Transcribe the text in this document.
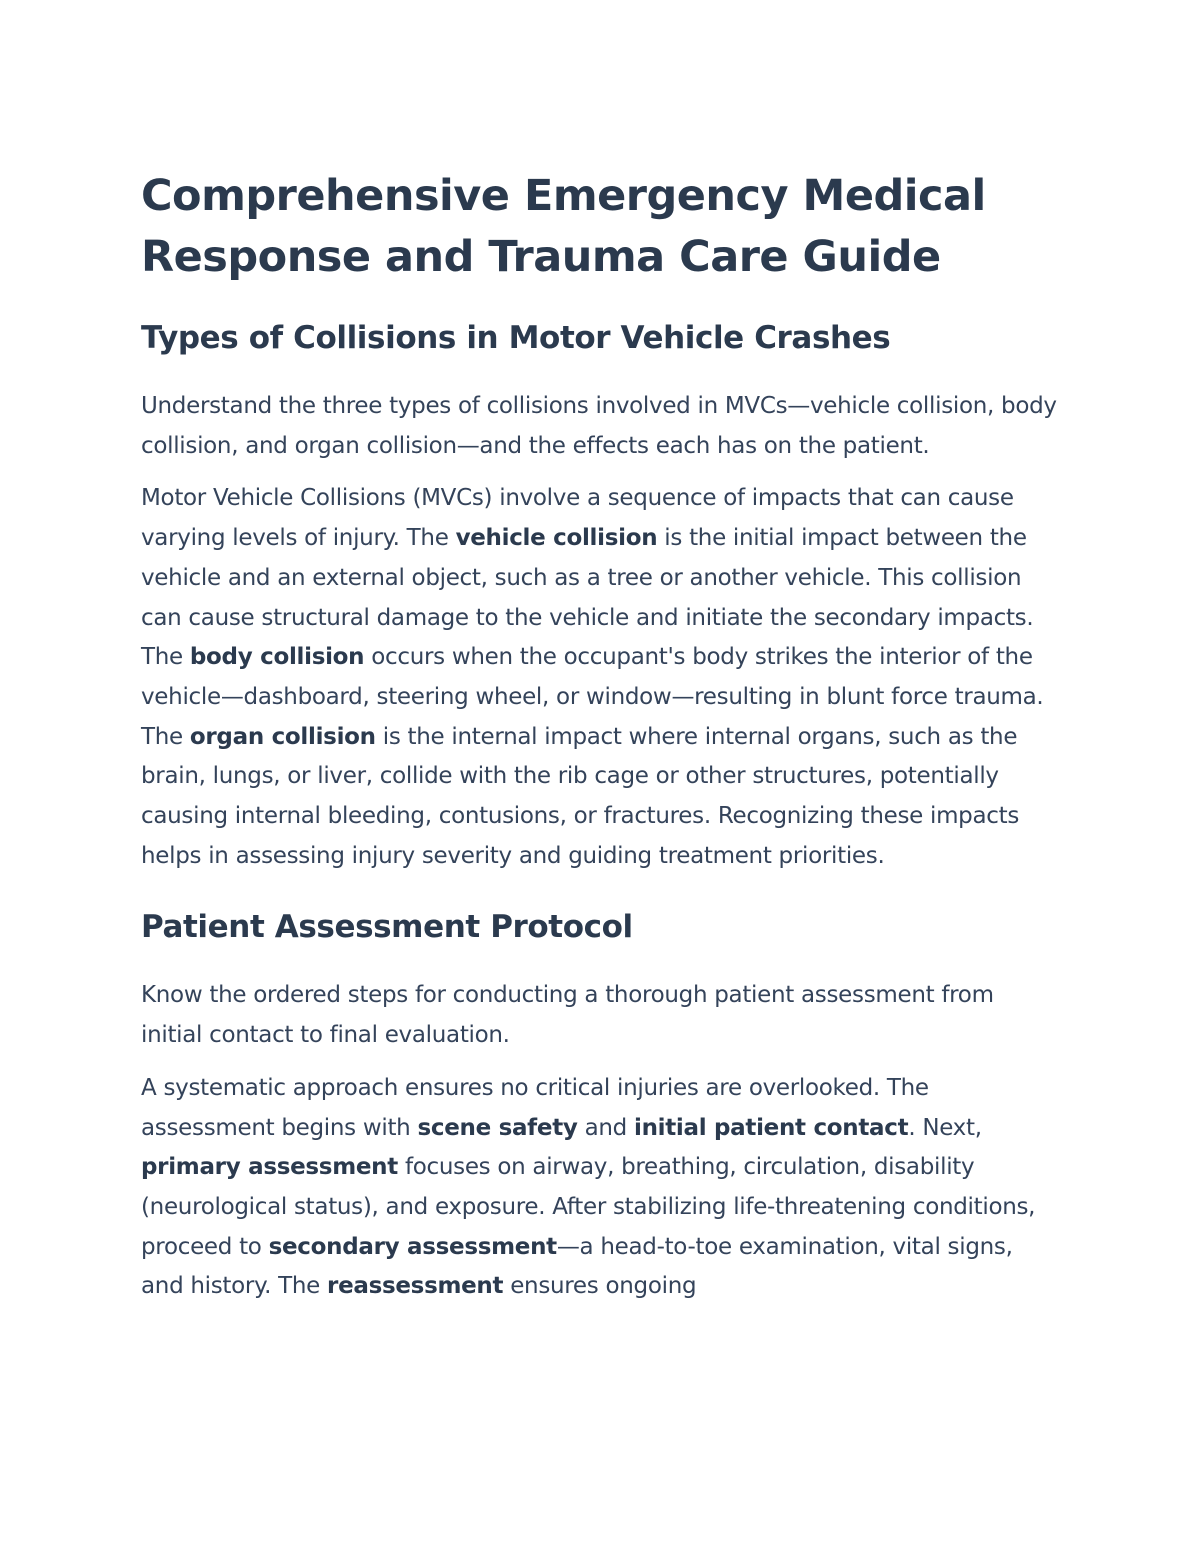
Comprehensive Emergency Medical Response and Trauma Care Guide
Types of Collisions in Motor Vehicle Crashes

Understand the three types of collisions involved in MVCs—vehicle collision, body collision, and organ collision—and the effects each has on the patient.

Motor Vehicle Collisions (MVCs) involve a sequence of impacts that can cause varying levels of injury. The vehicle collision is the initial impact between the vehicle and an external object, such as a tree or another vehicle. This collision can cause structural damage to the vehicle and initiate the secondary impacts. The body collision occurs when the occupant's body strikes the interior of the vehicle—dashboard, steering wheel, or window—resulting in blunt force trauma. The organ collision is the internal impact where internal organs, such as the brain, lungs, or liver, collide with the rib cage or other structures, potentially causing internal bleeding, contusions, or fractures. Recognizing these impacts helps in assessing injury severity and guiding treatment priorities.

Patient Assessment Protocol

Know the ordered steps for conducting a thorough patient assessment from initial contact to final evaluation.

A systematic approach ensures no critical injuries are overlooked. The assessment begins with scene safety and initial patient contact. Next, primary assessment focuses on airway, breathing, circulation, disability (neurological status), and exposure. After stabilizing life-threatening conditions, proceed to secondary assessment—a head-to-toe examination, vital signs, and history. The reassessment ensures ongoing
